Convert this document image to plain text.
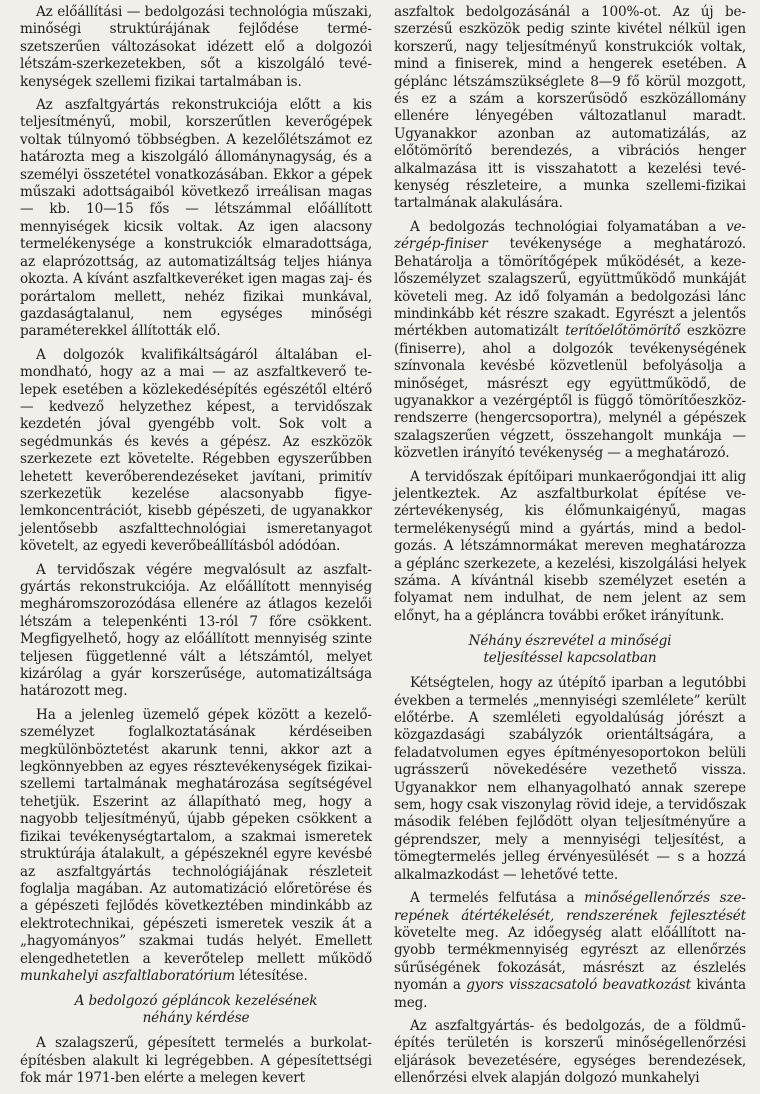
Az előállítási — bedolgozási technológia műszaki, minőségi struktúrájának fejlődése természetszerűen változásokat idézett elő a dolgozói létszám-szerkezetekben, sőt a kiszolgáló tevékenységek szellemi fizikai tartalmában is.

Az aszfaltgyártás rekonstrukciója előtt a kis teljesítményű, mobil, korszerűtlen keverőgépek voltak túlnyomó többségben. A kezelőlétszámot ez határozta meg a kiszolgáló állománynagyság, és a személyi összetétel vonatkozásában. Ekkor a gépek műszaki adottságaiból következő irreálisan magas — kb. 10—15 fős — létszámmal előállított mennyiségek kicsik voltak. Az igen alacsony termelékenysége a konstrukciók elmaradottsága, az elaprózottság, az automatizáltság teljes hiánya okozta. A kívánt aszfaltkeveréket igen magas zaj- és porártalom mellett, nehéz fizikai munkával, gazdaságtalanul, nem egységes minőségi paraméterekkel állították elő.

A dolgozók kvalifikáltságáról általában elmondható, hogy az a mai — az aszfaltkeverő telepek esetében a közlekedésépítés egészétől eltérő — kedvező helyzethez képest, a tervidőszak kezdetén jóval gyengébb volt. Sok volt a segédmunkás és kevés a gépész. Az eszközök szerkezete ezt követelte. Régebben egyszerűbben lehetett keverőberendezéseket javítani, primitív szerkezetük kezelése alacsonyabb figyelemkoncentrációt, kisebb gépészeti, de ugyanakkor jelentősebb aszfalttechnológiai ismeretanyagot követelt, az egyedi keverőbeállításból adódóan.

A tervidőszak végére megvalósult az aszfaltgyártás rekonstrukciója. Az előállított mennyiség megháromszorozódása ellenére az átlagos kezelői létszám a telepenkénti 13-ról 7 főre csökkent. Megfigyelhető, hogy az előállított mennyiség szinte teljesen függetlenné vált a létszámtól, melyet kizárólag a gyár korszerűsége, automatizáltsága határozott meg.

Ha a jelenleg üzemelő gépek között a kezelőszemélyzet foglalkoztatásának kérdéseiben megkülönböztetést akarunk tenni, akkor azt a legkönnyebben az egyes résztevékenységek fizikai-szellemi tartalmának meghatározása segítségével tehetjük. Eszerint az állapítható meg, hogy a nagyobb teljesítményű, újabb gépeken csökkent a fizikai tevékenységtartalom, a szakmai ismeretek struktúrája átalakult, a gépészeknél egyre kevésbé az aszfaltgyártás technológiájának részleteit foglalja magában. Az automatizáció előretörése és a gépészeti fejlődés következtében mindinkább az elektrotechnikai, gépészeti ismeretek veszik át a „hagyományos” szakmai tudás helyét. Emellett elengedhetetlen a keverőtelep mellett működő munkahelyi aszfaltlaboratórium létesítése.

A bedolgozó gépláncok kezelésének
néhány kérdése

A szalagszerű, gépesített termelés a burkolatépítésben alakult ki legrégebben. A gépesítettségi fok már 1971-ben elérte a melegen kevert

aszfaltok bedolgozásánál a 100%-ot. Az új beszerzésű eszközök pedig szinte kivétel nélkül igen korszerű, nagy teljesítményű konstrukciók voltak, mind a finiserek, mind a hengerek esetében. A géplánc létszámszükséglete 8—9 fő körül mozgott, és ez a szám a korszerűsödő eszközállomány ellenére lényegében változatlanul maradt. Ugyanakkor azonban az automatizálás, az előtömörítő berendezés, a vibrációs henger alkalmazása itt is visszahatott a kezelési tevékenység részleteire, a munka szellemi-fizikai tartalmának alakulására.

A bedolgozás technológiai folyamatában a vezérgép-finiser tevékenysége a meghatározó. Behatárolja a tömörítőgépek működését, a kezelőszemélyzet szalagszerű, együttműködő munkáját követeli meg. Az idő folyamán a bedolgozási lánc mindinkább két részre szakadt. Egyrészt a jelentős mértékben automatizált terítőelőtömörítő eszközre (finiserre), ahol a dolgozók tevékenységének színvonala kevésbé közvetlenül befolyásolja a minőséget, másrészt egy együttműködő, de ugyanakkor a vezérgéptől is függő tömörítőeszköz-rendszerre (hengercsoportra), melynél a gépészek szalagszerűen végzett, összehangolt munkája — közvetlen irányító tevékenység — a meghatározó.

A tervidőszak építőipari munkaerőgondjai itt alig jelentkeztek. Az aszfaltburkolat építése vezértevékenység, kis élőmunkaigényű, magas termelékenységű mind a gyártás, mind a bedolgozás. A létszámnormákat mereven meghatározza a géplánc szerkezete, a kezelési, kiszolgálási helyek száma. A kívántnál kisebb személyzet esetén a folyamat nem indulhat, de nem jelent az sem előnyt, ha a gépláncra további erőket irányítunk.

Néhány észrevétel a minőségi
teljesítéssel kapcsolatban

Kétségtelen, hogy az útépítő iparban a legutóbbi években a termelés „mennyiségi szemlélete” került előtérbe. A szemléleti egyoldalúság jórészt a közgazdasági szabályzók orientáltságára, a feladatvolumen egyes építményesoportokon belüli ugrásszerű növekedésére vezethető vissza. Ugyanakkor nem elhanyagolható annak szerepe sem, hogy csak viszonylag rövid ideje, a tervidőszak második felében fejlődött olyan teljesítményűre a géprendszer, mely a mennyiségi teljesítést, a tömegtermelés jelleg érvényesülését — s a hozzá alkalmazkodást — lehetővé tette.

A termelés felfutása a minőségellenőrzés szerepének átértékelését, rendszerének fejlesztését követelte meg. Az időegység alatt előállított nagyobb termékmennyiség egyrészt az ellenőrzés sűrűségének fokozását, másrészt az észlelés nyomán a gyors visszacsatoló beavatkozást kivánta meg.

Az aszfaltgyártás- és bedolgozás, de a földműépítés területén is korszerű minőségellenőrzési eljárások bevezetésére, egységes berendezések, ellenőrzési elvek alapján dolgozó munkahelyi
